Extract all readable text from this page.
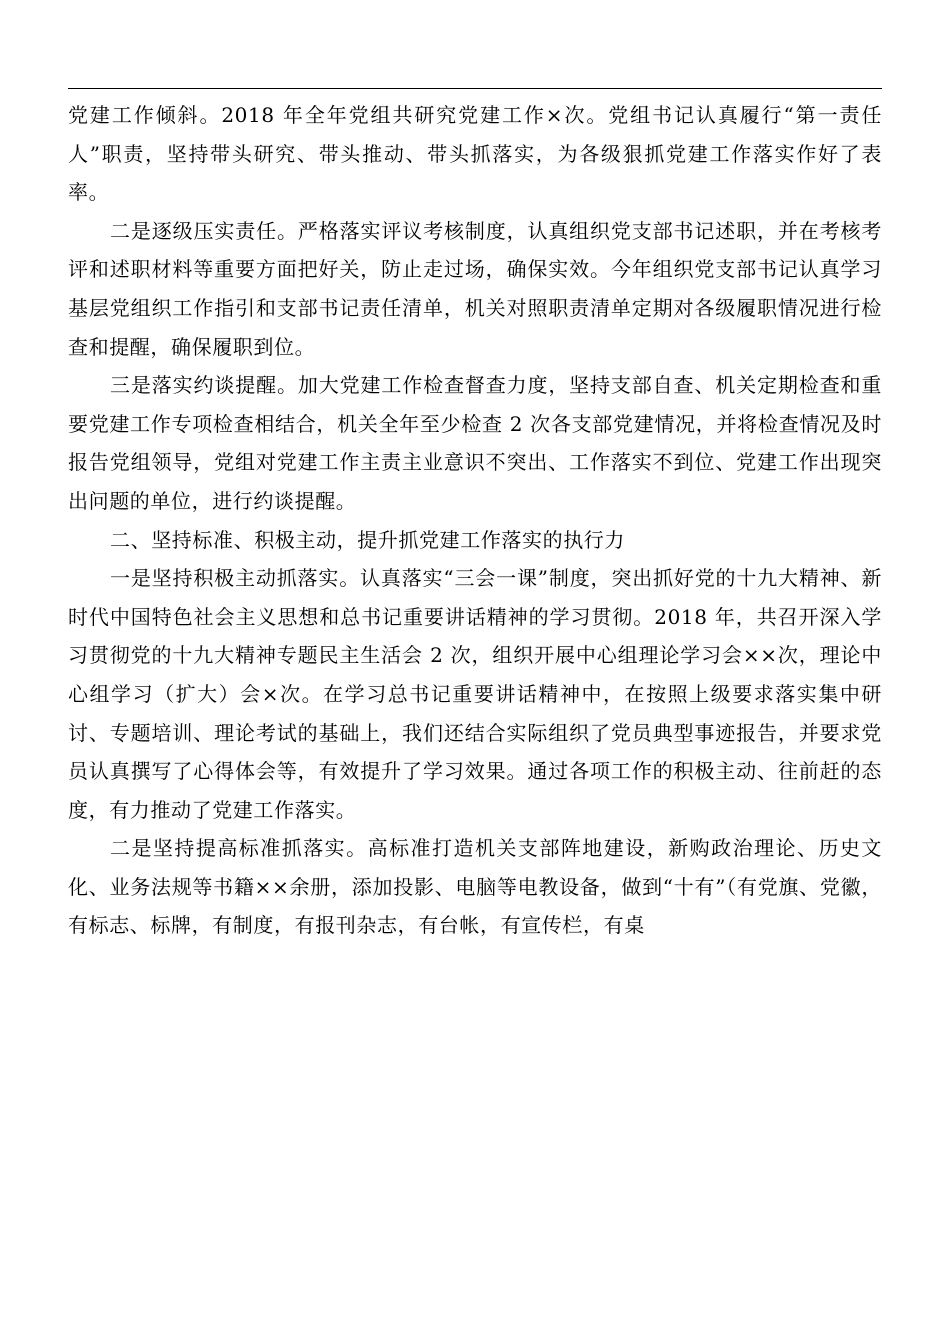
党建工作倾斜。2018 年全年党组共研究党建工作×次。党组书记认真履行“第一责任人”职责，坚持带头研究、带头推动、带头抓落实，为各级狠抓党建工作落实作好了表率。

二是逐级压实责任。严格落实评议考核制度，认真组织党支部书记述职，并在考核考评和述职材料等重要方面把好关，防止走过场，确保实效。今年组织党支部书记认真学习基层党组织工作指引和支部书记责任清单，机关对照职责清单定期对各级履职情况进行检查和提醒，确保履职到位。

三是落实约谈提醒。加大党建工作检查督查力度，坚持支部自查、机关定期检查和重要党建工作专项检查相结合，机关全年至少检查 2 次各支部党建情况，并将检查情况及时报告党组领导，党组对党建工作主责主业意识不突出、工作落实不到位、党建工作出现突出问题的单位，进行约谈提醒。

二、坚持标准、积极主动，提升抓党建工作落实的执行力

一是坚持积极主动抓落实。认真落实“三会一课”制度，突出抓好党的十九大精神、新时代中国特色社会主义思想和总书记重要讲话精神的学习贯彻。2018 年，共召开深入学习贯彻党的十九大精神专题民主生活会 2 次，组织开展中心组理论学习会××次，理论中心组学习（扩大）会×次。在学习总书记重要讲话精神中，在按照上级要求落实集中研讨、专题培训、理论考试的基础上，我们还结合实际组织了党员典型事迹报告，并要求党员认真撰写了心得体会等，有效提升了学习效果。通过各项工作的积极主动、往前赶的态度，有力推动了党建工作落实。

二是坚持提高标准抓落实。高标准打造机关支部阵地建设，新购政治理论、历史文化、业务法规等书籍××余册，添加投影、电脑等电教设备，做到“十有”（有党旗、党徽，有标志、标牌，有制度，有报刊杂志，有台帐，有宣传栏，有桌
